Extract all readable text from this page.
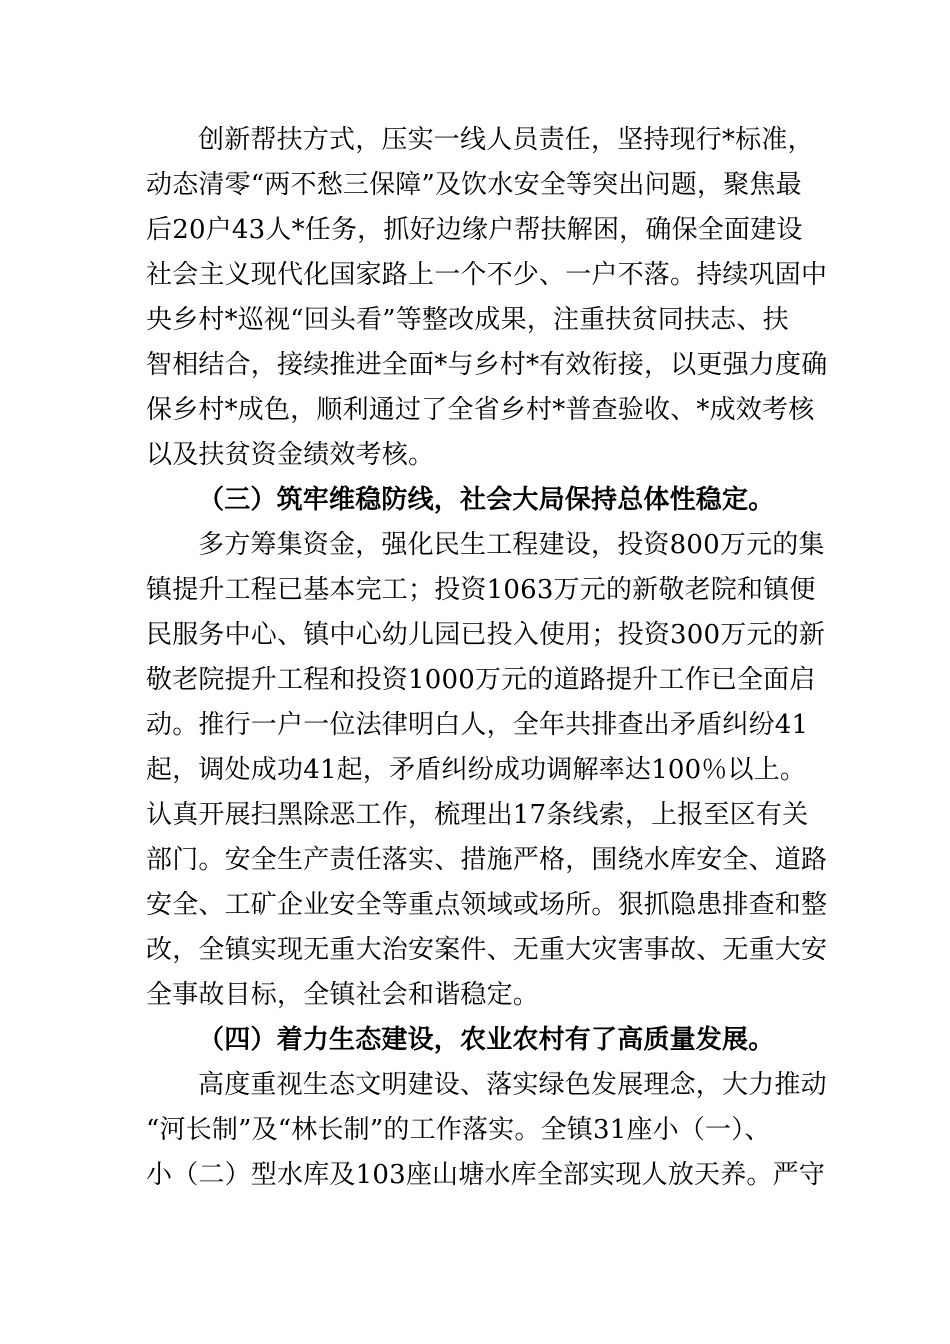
创新帮扶方式，压实一线人员责任，坚持现行*标准，
动态清零“两不愁三保障”及饮水安全等突出问题，聚焦最
后20户43人*任务，抓好边缘户帮扶解困，确保全面建设
社会主义现代化国家路上一个不少、一户不落。持续巩固中
央乡村*巡视“回头看”等整改成果，注重扶贫同扶志、扶
智相结合，接续推进全面*与乡村*有效衔接，以更强力度确
保乡村*成色，顺利通过了全省乡村*普查验收、*成效考核
以及扶贫资金绩效考核。
（三）筑牢维稳防线，社会大局保持总体性稳定。
多方筹集资金，强化民生工程建设，投资800万元的集
镇提升工程已基本完工；投资1063万元的新敬老院和镇便
民服务中心、镇中心幼儿园已投入使用；投资300万元的新
敬老院提升工程和投资1000万元的道路提升工作已全面启
动。推行一户一位法律明白人，全年共排查出矛盾纠纷41
起，调处成功41起，矛盾纠纷成功调解率达100％以上。
认真开展扫黑除恶工作，梳理出17条线索，上报至区有关
部门。安全生产责任落实、措施严格，围绕水库安全、道路
安全、工矿企业安全等重点领域或场所。狠抓隐患排查和整
改，全镇实现无重大治安案件、无重大灾害事故、无重大安
全事故目标，全镇社会和谐稳定。
（四）着力生态建设，农业农村有了高质量发展。
高度重视生态文明建设、落实绿色发展理念，大力推动
“河长制”及“林长制”的工作落实。全镇31座小（一）、
小（二）型水库及103座山塘水库全部实现人放天养。严守
